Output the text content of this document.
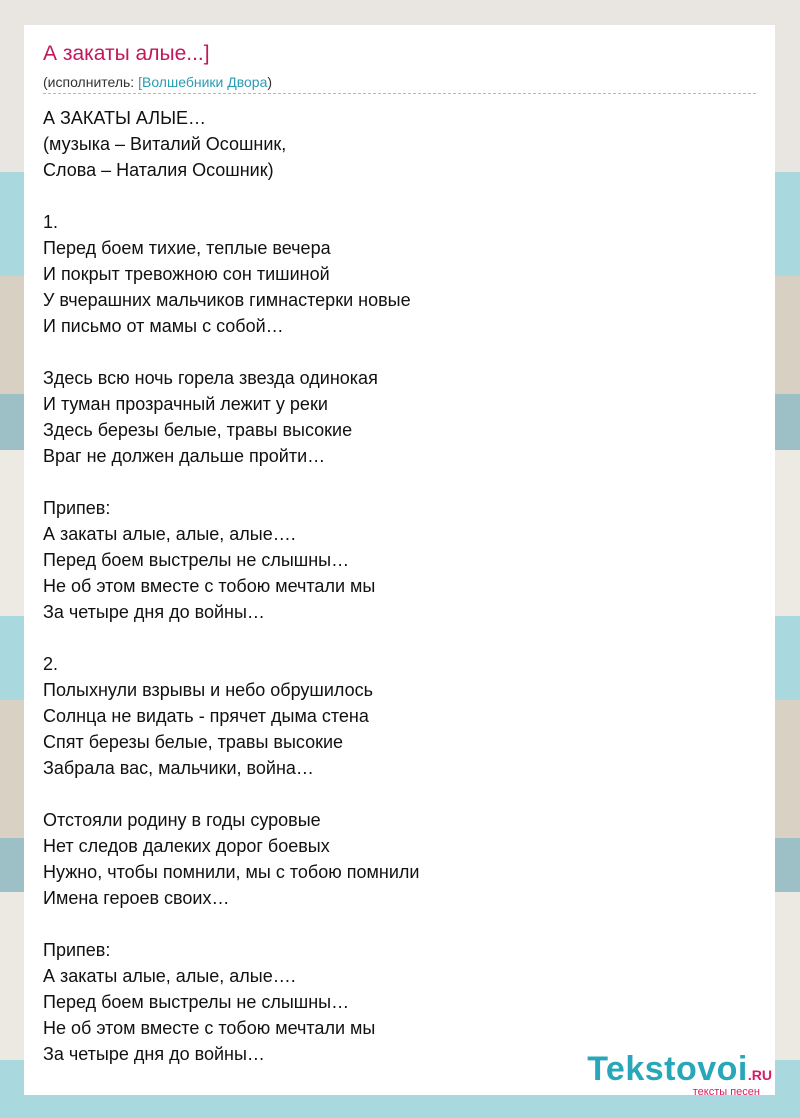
А закаты алые...]
(исполнитель: [Волшебники Двора)
А ЗАКАТЫ АЛЫЕ…
(музыка – Виталий Осошник,
Слова – Наталия Осошник)
1.
Перед боем тихие, теплые вечера
И покрыт тревожною сон тишиной
У вчерашних мальчиков гимнастерки новые
И письмо от мамы с собой…
Здесь всю ночь горела звезда одинокая
И туман прозрачный лежит у реки
Здесь березы белые, травы высокие
Враг не должен дальше пройти…
Припев:
А закаты алые, алые, алые….
Перед боем выстрелы не слышны…
Не об этом вместе с тобою мечтали мы
За четыре дня до войны…
2.
Полыхнули взрывы и небо обрушилось
Солнца не видать - прячет дыма стена
Спят березы белые, травы высокие
Забрала вас, мальчики, война…
Отстояли родину в годы суровые
Нет следов далеких дорог боевых
Нужно, чтобы помнили, мы с тобою помнили
Имена героев своих…
Припев:
А закаты алые, алые, алые….
Перед боем выстрелы не слышны…
Не об этом вместе с тобою мечтали мы
За четыре дня до войны…	Tekstovoi.RU
тексты песен
